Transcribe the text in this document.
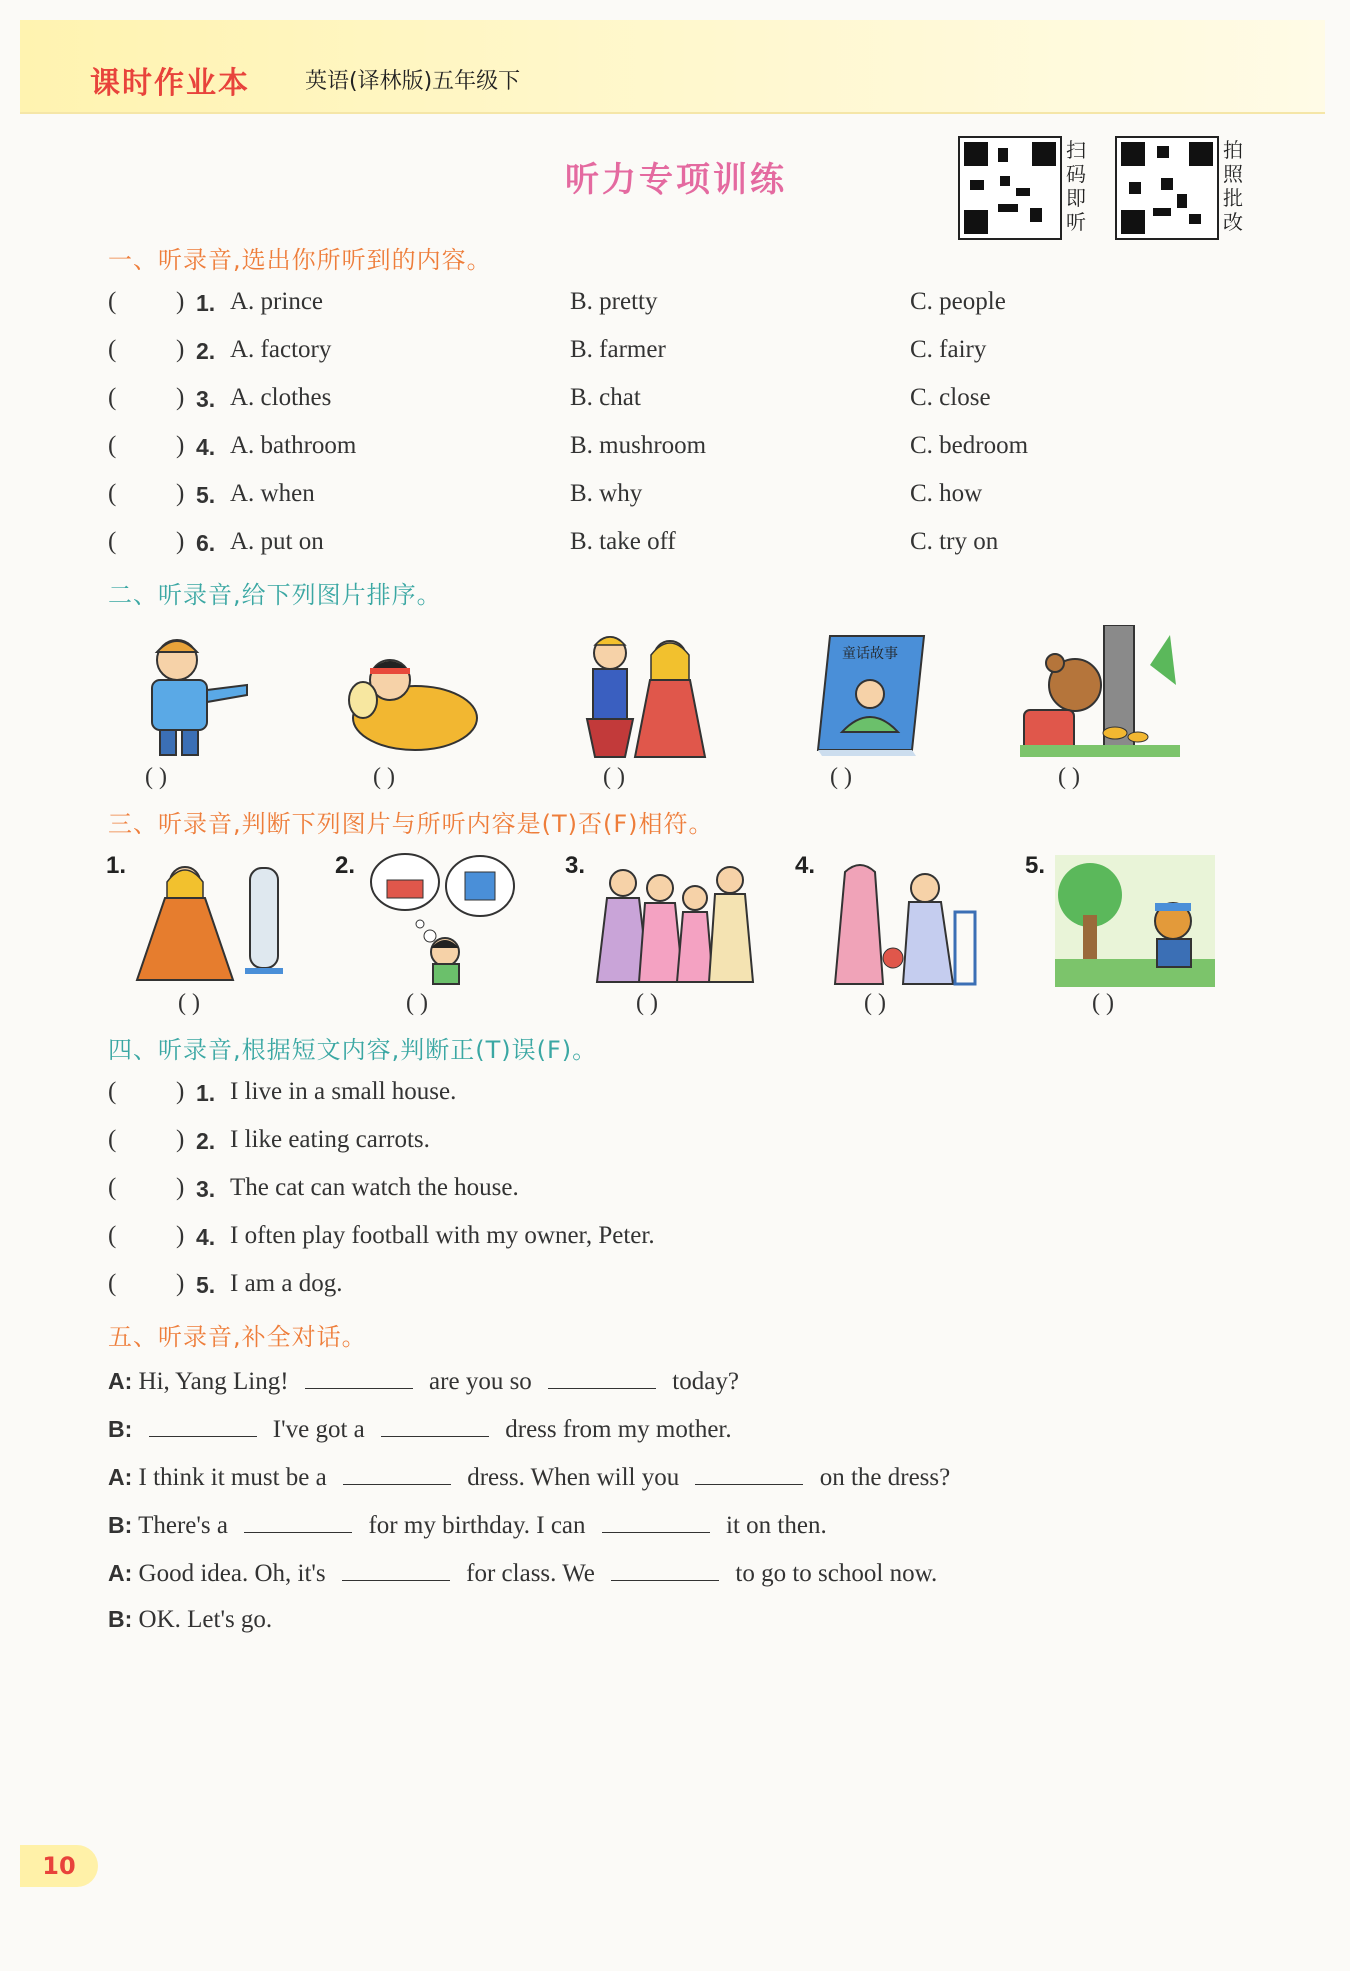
课时作业本	英语(译林版)五年级下
听力专项训练
扫码即听
拍照批改
一、听录音,选出你所听到的内容。
( ) 1. A. prince	B. pretty	C. people
( ) 2. A. factory	B. farmer	C. fairy
( ) 3. A. clothes	B. chat	C. close
( ) 4. A. bathroom	B. mushroom	C. bedroom
( ) 5. A. when	B. why	C. how
( ) 6. A. put on	B. take off	C. try on
二、听录音,给下列图片排序。
童话故事
( )	( )	( )	( )	( )
三、听录音,判断下列图片与所听内容是(T)否(F)相符。
1.	2.	3.	4.	5.
( )	( )	( )	( )	( )
四、听录音,根据短文内容,判断正(T)误(F)。
( ) 1. I live in a small house.
( ) 2. I like eating carrots.
( ) 3. The cat can watch the house.
( ) 4. I often play football with my owner, Peter.
( ) 5. I am a dog.
五、听录音,补全对话。
A: Hi, Yang Ling!	are you so	today?
B:	I've got a	dress from my mother.
A: I think it must be a	dress. When will you	on the dress?
B: There's a	for my birthday. I can	it on then.
A: Good idea. Oh, it's	for class. We	to go to school now.
B: OK. Let's go.
10
